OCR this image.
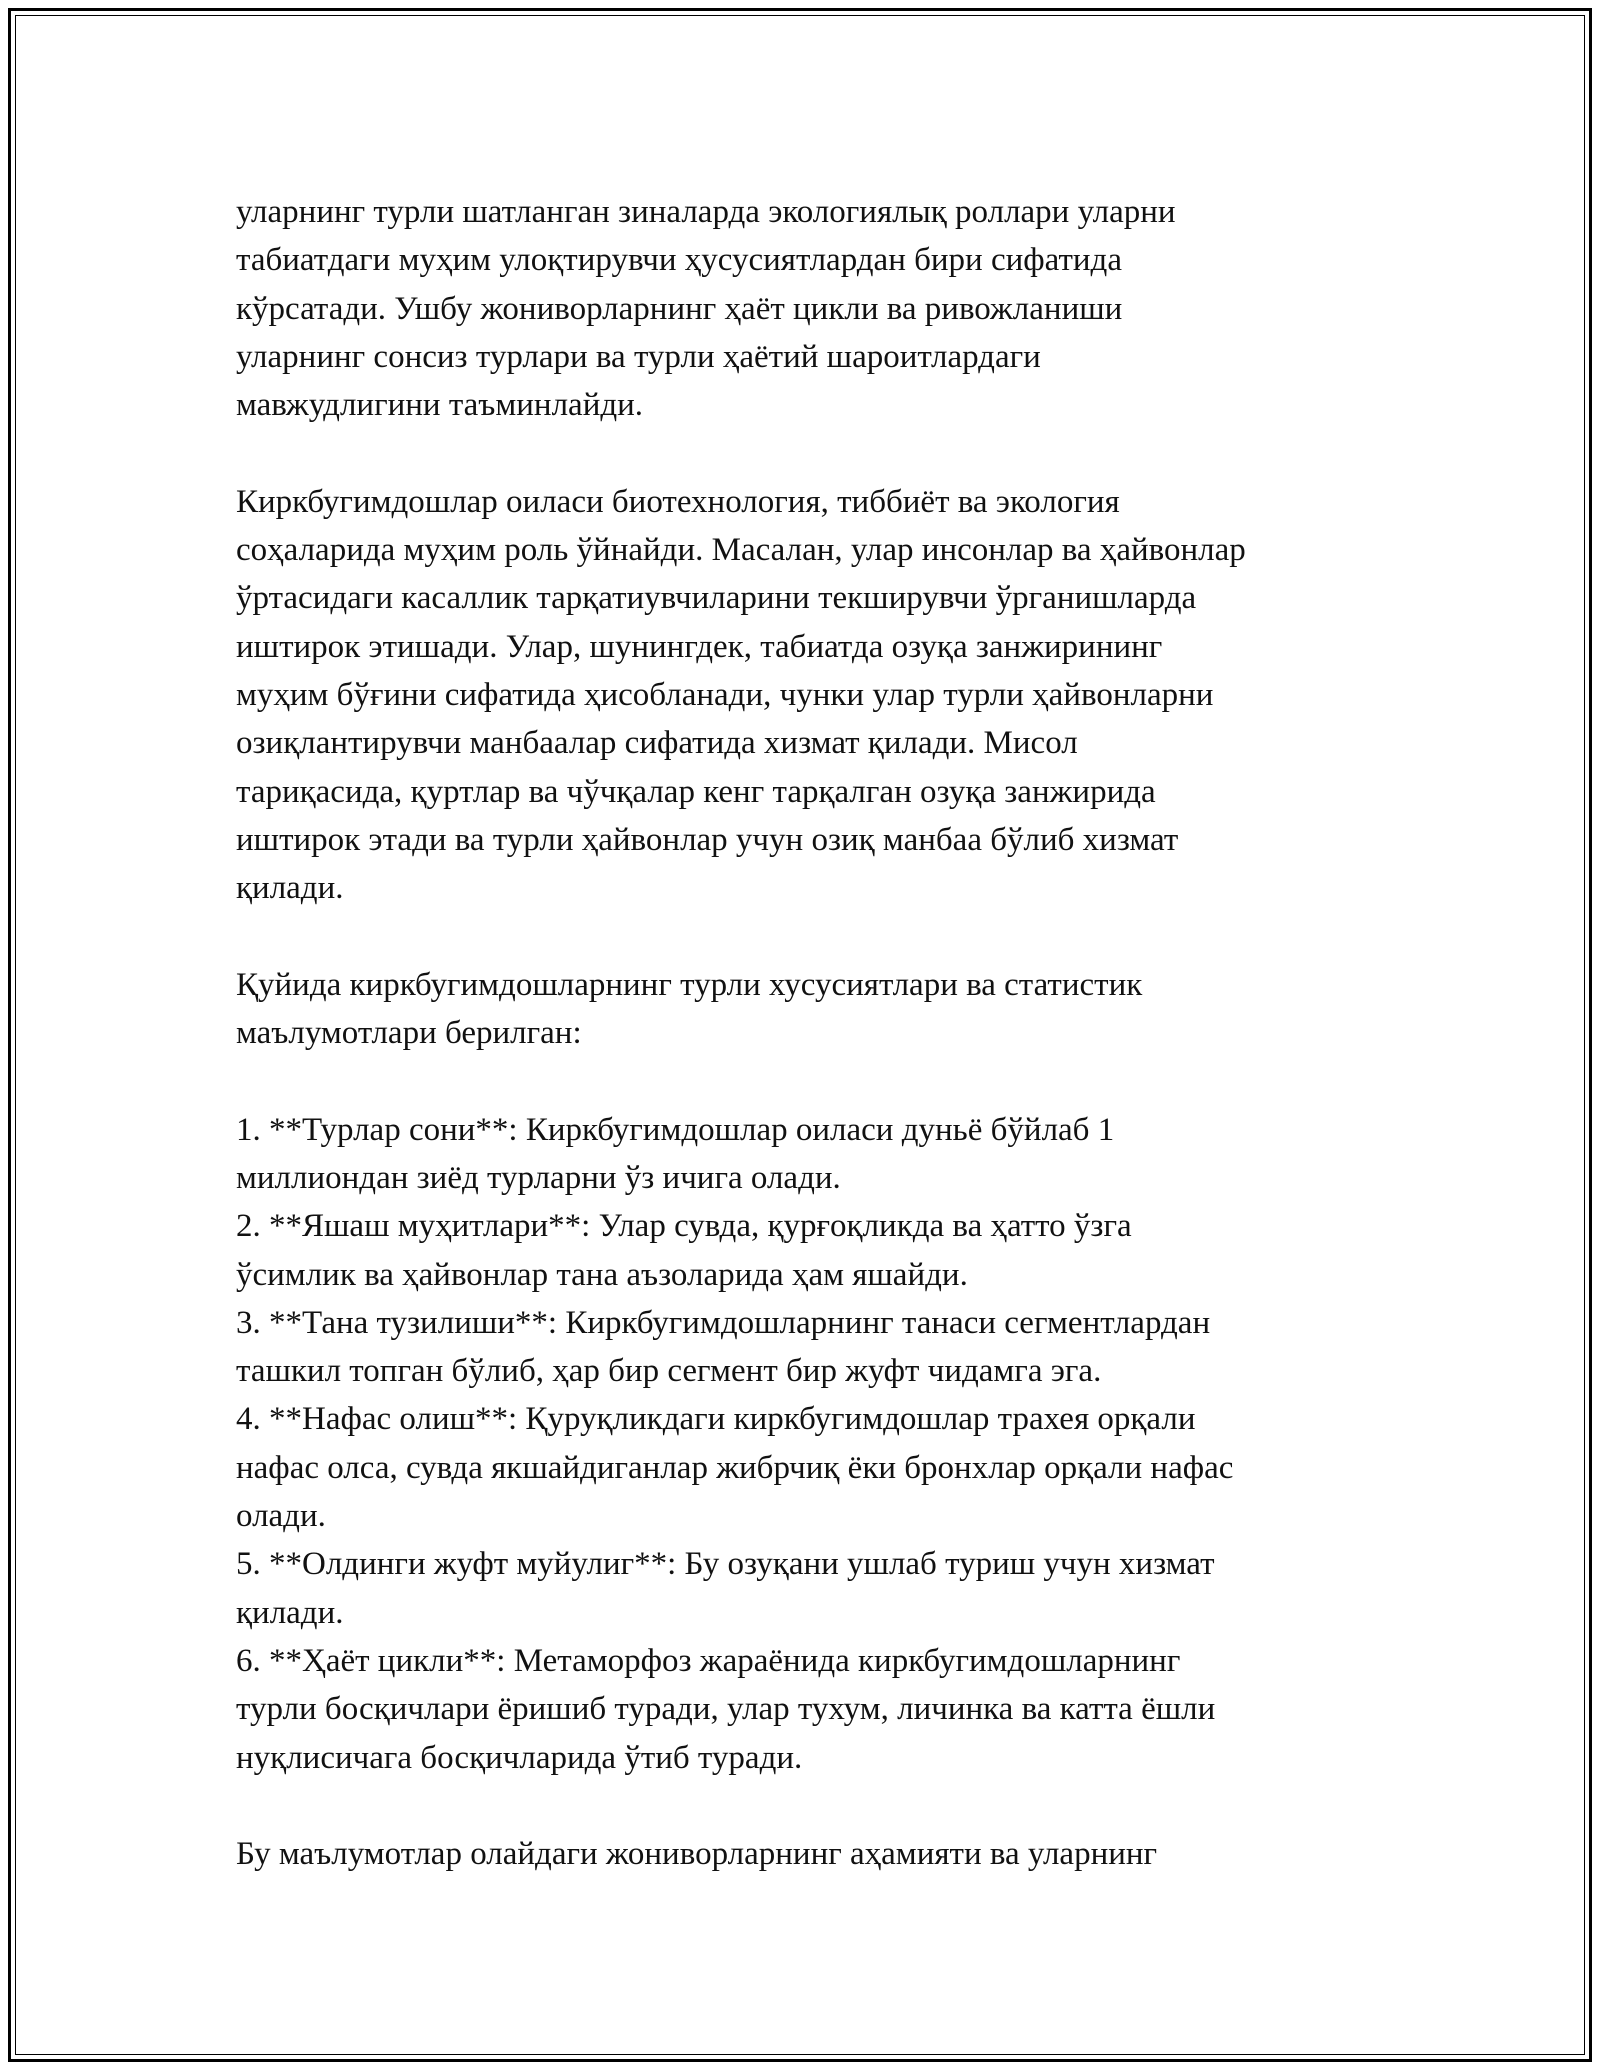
уларнинг турли шатланган зиналарда экологиялық роллари уларни
табиатдаги муҳим улоқтирувчи ҳусусиятлардан бири сифатида
кўрсатади. Ушбу жониворларнинг ҳаёт цикли ва ривожланиши
уларнинг сонсиз турлари ва турли ҳаётий шароитлардаги
мавжудлигини таъминлайди.

Киркбугимдошлар оиласи биотехнология, тиббиёт ва экология
соҳаларида муҳим роль ўйнайди. Масалан, улар инсонлар ва ҳайвонлар
ўртасидаги касаллик тарқатиувчиларини текширувчи ўрганишларда
иштирок этишади. Улар, шунингдек, табиатда озуқа занжирининг
муҳим бўғини сифатида ҳисобланади, чунки улар турли ҳайвонларни
озиқлантирувчи манбаалар сифатида хизмат қилади. Мисол
тариқасида, қуртлар ва чўчқалар кенг тарқалган озуқа занжирида
иштирок этади ва турли ҳайвонлар учун озиқ манбаа бўлиб хизмат
қилади.

Қуйида киркбугимдошларнинг турли хусусиятлари ва статистик
маълумотлари берилган:

1. **Турлар сони**: Киркбугимдошлар оиласи дуньё бўйлаб 1
миллиондан зиёд турларни ўз ичига олади.

2. **Яшаш муҳитлари**: Улар сувда, қурғоқликда ва ҳатто ўзга
ўсимлик ва ҳайвонлар тана аъзоларида ҳам яшайди.

3. **Тана тузилиши**: Киркбугимдошларнинг танаси сегментлардан
ташкил топган бўлиб, ҳар бир сегмент бир жуфт чидамга эга.

4. **Нафас олиш**: Қуруқликдаги киркбугимдошлар трахея орқали
нафас олса, сувда якшайдиганлар жибрчиқ ёки бронхлар орқали нафас
олади.

5. **Олдинги жуфт муйулиг**: Бу озуқани ушлаб туриш учун хизмат
қилади.

6. **Ҳаёт цикли**: Метаморфоз жараёнида киркбугимдошларнинг
турли босқичлари ёришиб туради, улар тухум, личинка ва катта ёшли
нуқлисичага босқичларида ўтиб туради.

Бу маълумотлар олайдаги жониворларнинг аҳамияти ва уларнинг
